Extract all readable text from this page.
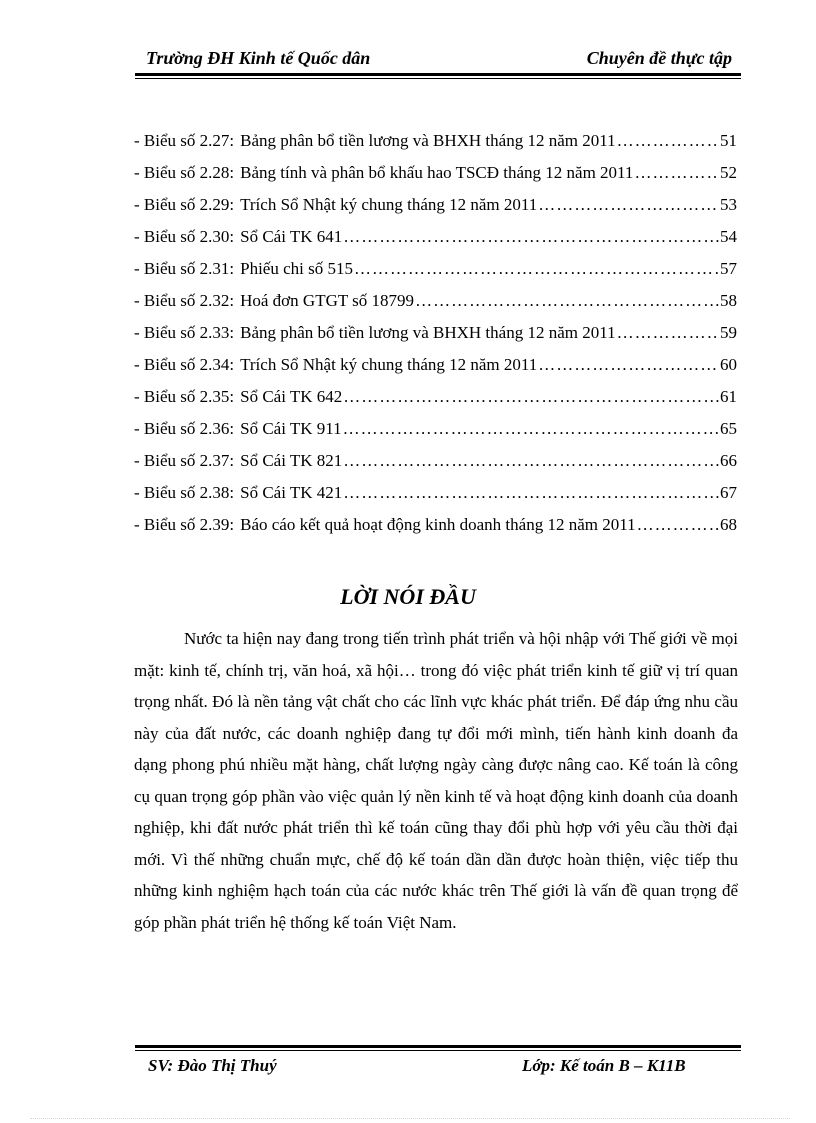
Trường ĐH Kinh tế Quốc dân	Chuyên đề thực tập
- Biểu số 2.27: Bảng phân bổ tiền lương và BHXH tháng 12 năm 2011 ……………………………………………………………………………………………………	51
- Biểu số 2.28: Bảng tính và phân bổ khấu hao TSCĐ tháng 12 năm 2011 ……………………………………………………………………………………………………	52
- Biểu số 2.29: Trích Sổ Nhật ký chung tháng 12 năm 2011 ……………………………………………………………………………………………………	53
- Biểu số 2.30: Sổ Cái TK 641 ……………………………………………………………………………………………………	54
- Biểu số 2.31: Phiếu chi số 515 ……………………………………………………………………………………………………	57
- Biểu số 2.32: Hoá đơn GTGT số 18799 ……………………………………………………………………………………………………	58
- Biểu số 2.33: Bảng phân bổ tiền lương và BHXH tháng 12 năm 2011 ……………………………………………………………………………………………………	59
- Biểu số 2.34: Trích Sổ Nhật ký chung tháng 12 năm 2011 ……………………………………………………………………………………………………	60
- Biểu số 2.35: Sổ Cái TK 642 ……………………………………………………………………………………………………	61
- Biểu số 2.36: Sổ Cái TK 911 ……………………………………………………………………………………………………	65
- Biểu số 2.37: Sổ Cái TK 821 ……………………………………………………………………………………………………	66
- Biểu số 2.38: Sổ Cái TK 421 ……………………………………………………………………………………………………	67
- Biểu số 2.39: Báo cáo kết quả hoạt động kinh doanh tháng 12 năm 2011 ……………………………………………………………………………………………………	68
LỜI NÓI ĐẦU
Nước ta hiện nay đang trong tiến trình phát triển và hội nhập với Thế giới về mọi mặt: kinh tế, chính trị, văn hoá, xã hội… trong đó việc phát triển kinh tế giữ vị trí quan trọng nhất. Đó là nền tảng vật chất cho các lĩnh vực khác phát triển. Để đáp ứng nhu cầu này của đất nước, các doanh nghiệp đang tự đổi mới mình, tiến hành kinh doanh đa dạng phong phú nhiều mặt hàng, chất lượng ngày càng được nâng cao. Kế toán là công cụ quan trọng góp phần vào việc quản lý nền kinh tế và hoạt động kinh doanh của doanh nghiệp, khi đất nước phát triển thì kế toán cũng thay đổi phù hợp với yêu cầu thời đại mới. Vì thế những chuẩn mực, chế độ kế toán dần dần được hoàn thiện, việc tiếp thu những kinh nghiệm hạch toán của các nước khác trên Thế giới là vấn đề quan trọng để góp phần phát triển hệ thống kế toán Việt Nam.
SV: Đào Thị Thuý	Lớp: Kế toán B – K11B
